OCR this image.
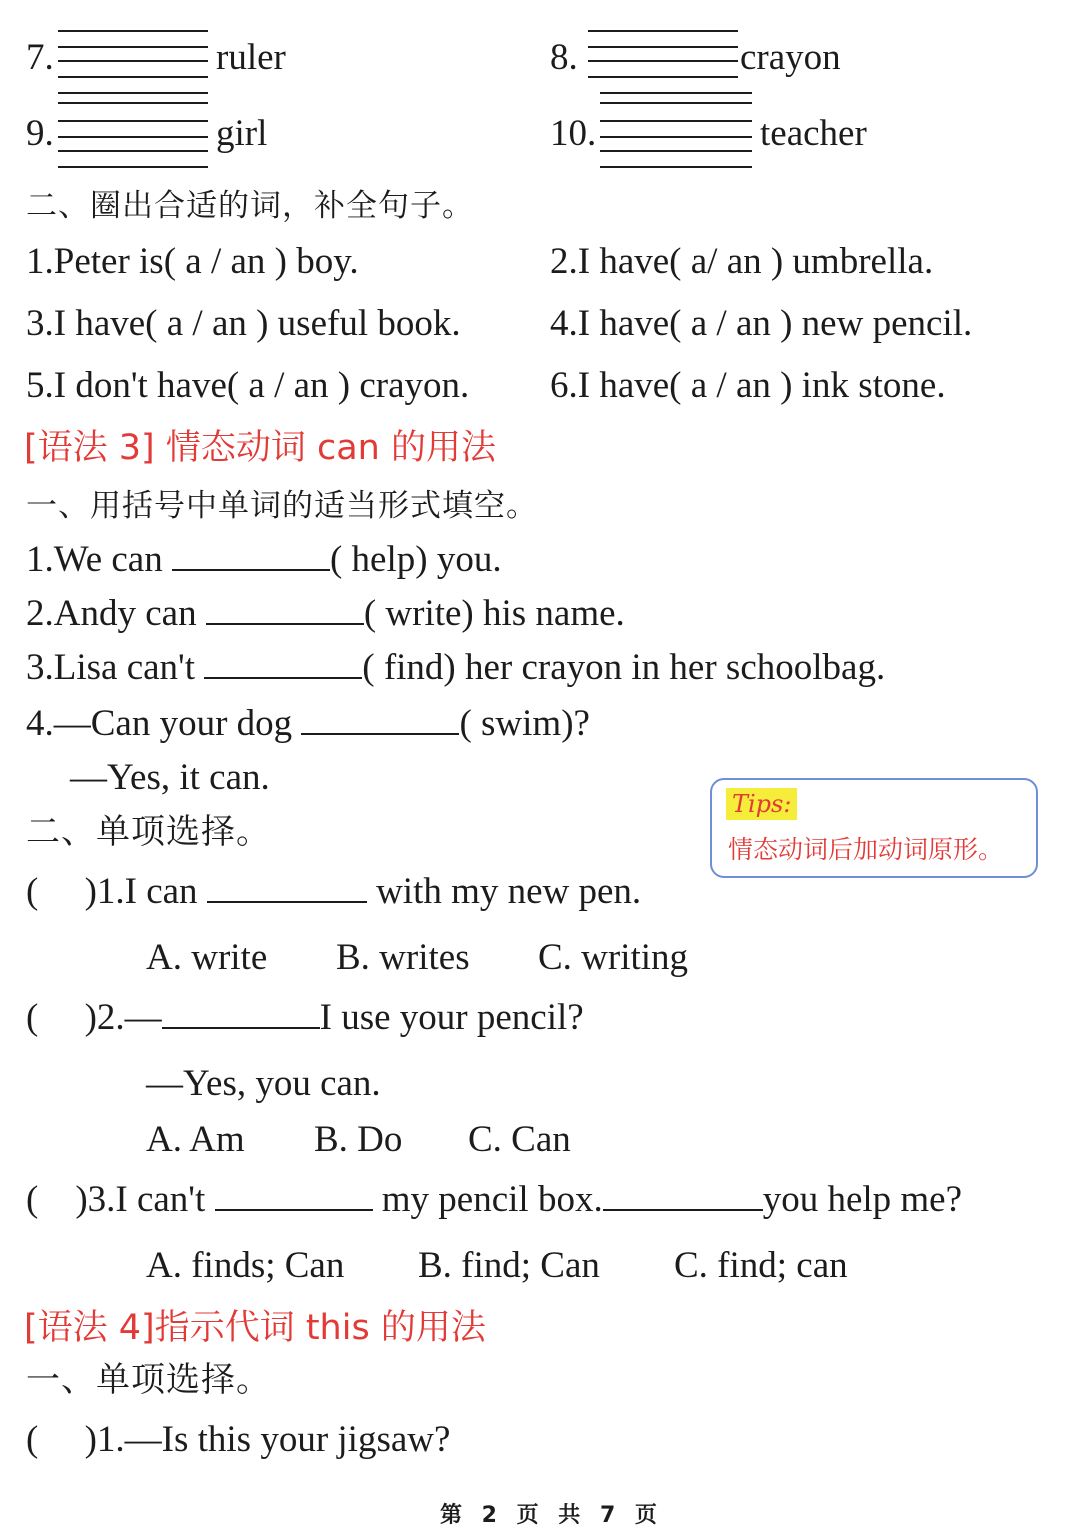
7.	ruler	8.	crayon
9.	girl	10.	teacher
二、圈出合适的词，补全句子。
1.Peter is( a / an ) boy.	2.I have( a/ an ) umbrella.
3.I have( a / an ) useful book. 4.I have( a / an ) new pencil.
5.I don't have( a / an ) crayon. 6.I have( a / an ) ink stone.
[语法 3] 情态动词 can 的用法
一、用括号中单词的适当形式填空。
1.We can	( help) you.
2.Andy can	( write) his name.
3.Lisa can't	( find) her crayon in her schoolbag.
4.—Can your dog	( swim)?
—Yes, it can.
Tips:
情态动词后加动词原形。
二、单项选择。
(     )1.I can	with my new pen.
A. write B. writes C. writing
(     )2.—	I use your pencil?
—Yes, you can.
A. Am B. Do C. Can
(    )3.I can't	my pencil box.	you help me?
A. finds; Can B. find; Can C. find; can
[语法 4]指示代词 this 的用法
一、单项选择。
(     )1.—Is this your jigsaw?
第 2 页 共 7 页
